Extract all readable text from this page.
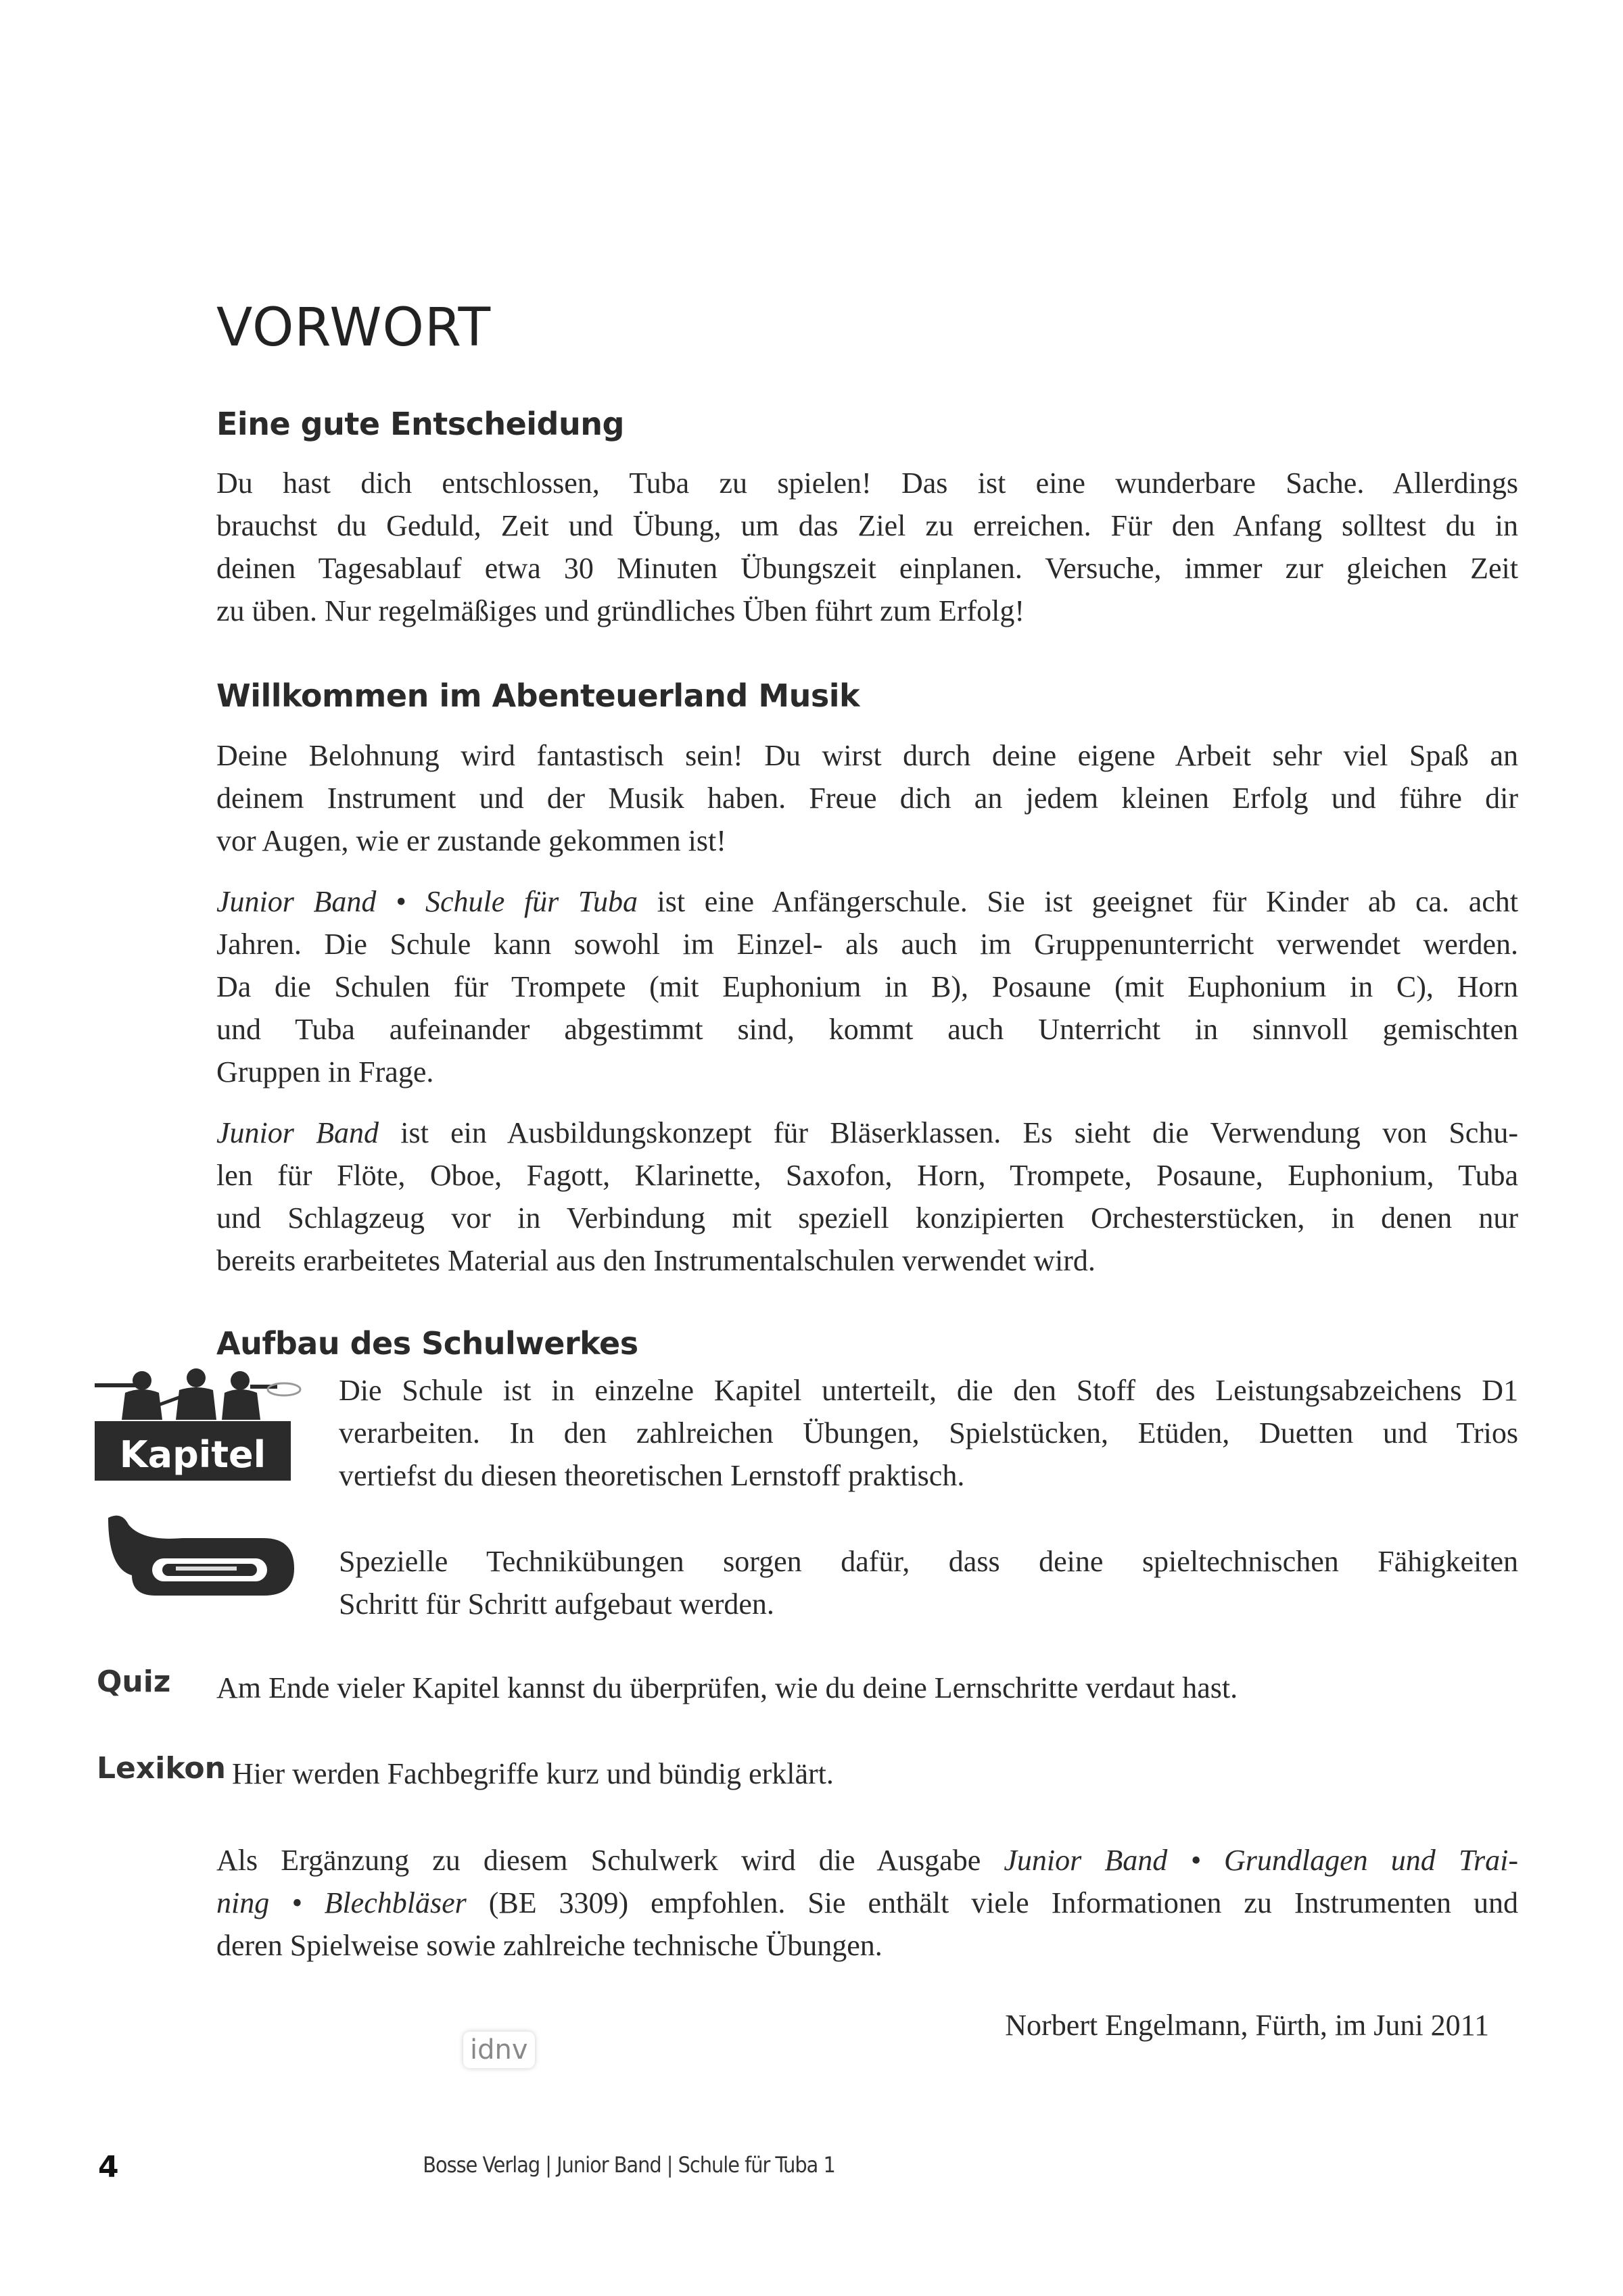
VORWORT
Eine gute Entscheidung
Du hast dich entschlossen, Tuba zu spielen! Das ist eine wunderbare Sache. Allerdings
brauchst du Geduld, Zeit und Übung, um das Ziel zu erreichen. Für den Anfang solltest du in
deinen Tagesablauf etwa 30 Minuten Übungszeit einplanen. Versuche, immer zur gleichen Zeit
zu üben. Nur regelmäßiges und gründliches Üben führt zum Erfolg!
Willkommen im Abenteuerland Musik
Deine Belohnung wird fantastisch sein! Du wirst durch deine eigene Arbeit sehr viel Spaß an
deinem Instrument und der Musik haben. Freue dich an jedem kleinen Erfolg und führe dir
vor Augen, wie er zustande gekommen ist!
Junior Band • Schule für Tuba ist eine Anfängerschule. Sie ist geeignet für Kinder ab ca. acht
Jahren. Die Schule kann sowohl im Einzel- als auch im Gruppenunterricht verwendet werden.
Da die Schulen für Trompete (mit Euphonium in B), Posaune (mit Euphonium in C), Horn
und Tuba aufeinander abgestimmt sind, kommt auch Unterricht in sinnvoll gemischten
Gruppen in Frage.
Junior Band ist ein Ausbildungskonzept für Bläserklassen. Es sieht die Verwendung von Schu-
len für Flöte, Oboe, Fagott, Klarinette, Saxofon, Horn, Trompete, Posaune, Euphonium, Tuba
und Schlagzeug vor in Verbindung mit speziell konzipierten Orchesterstücken, in denen nur
bereits erarbeitetes Material aus den Instrumentalschulen verwendet wird.
Aufbau des Schulwerkes
Kapitel
Die Schule ist in einzelne Kapitel unterteilt, die den Stoff des Leistungsabzeichens D1
verarbeiten. In den zahlreichen Übungen, Spielstücken, Etüden, Duetten und Trios
vertiefst du diesen theoretischen Lernstoff praktisch.
Spezielle Technikübungen sorgen dafür, dass deine spieltechnischen Fähigkeiten
Schritt für Schritt aufgebaut werden.
Quiz Am Ende vieler Kapitel kannst du überprüfen, wie du deine Lernschritte verdaut hast.
Lexikon Hier werden Fachbegriffe kurz und bündig erklärt.
Als Ergänzung zu diesem Schulwerk wird die Ausgabe Junior Band • Grundlagen und Trai-
ning • Blechbläser (BE 3309) empfohlen. Sie enthält viele Informationen zu Instrumenten und
deren Spielweise sowie zahlreiche technische Übungen.
Norbert Engelmann, Fürth, im Juni 2011
idnv
4	Bosse Verlag | Junior Band | Schule für Tuba 1
